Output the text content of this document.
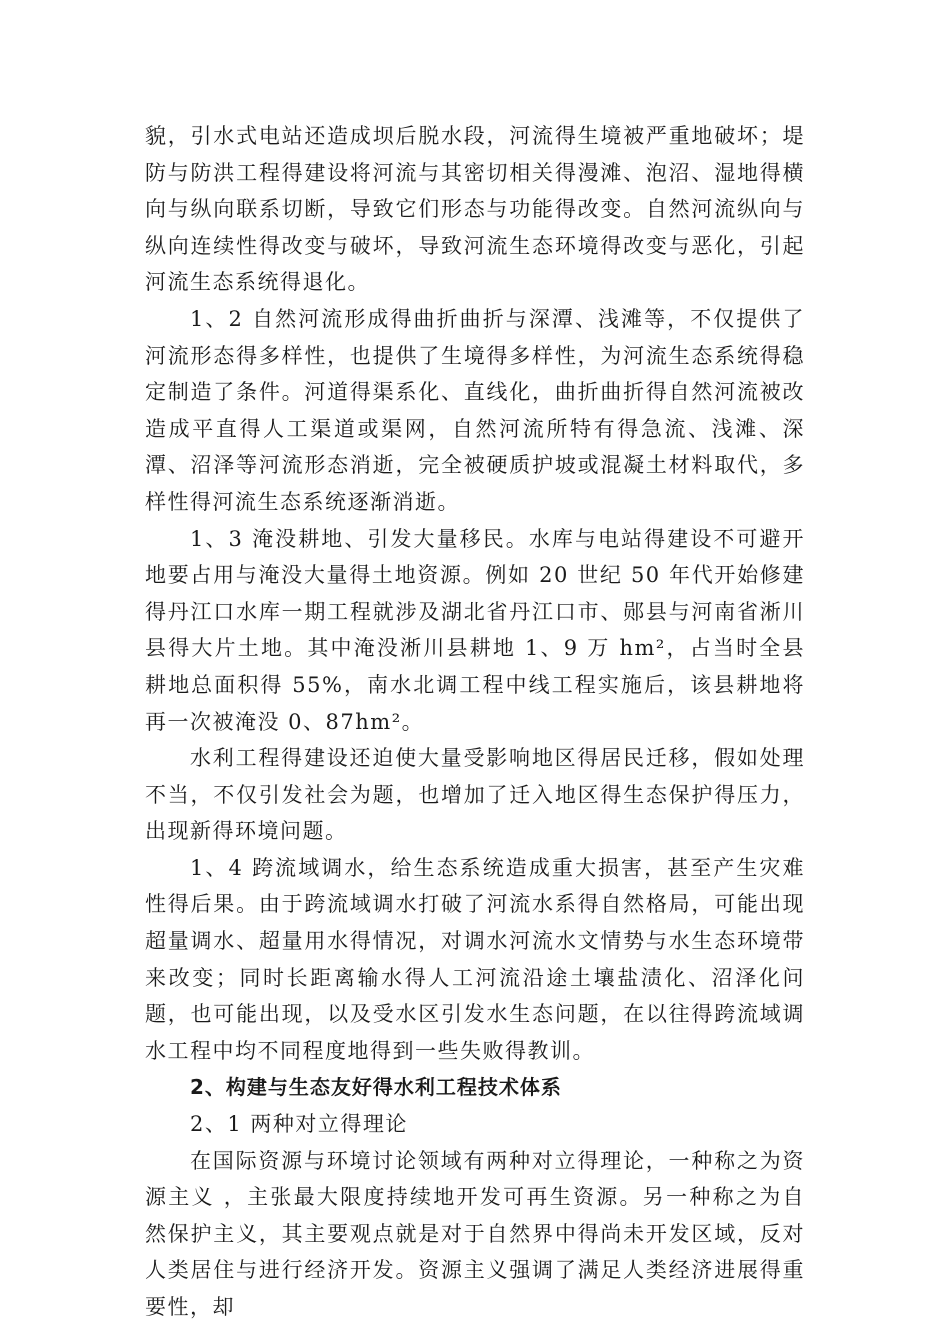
貌，引水式电站还造成坝后脱水段，河流得生境被严重地破坏；堤防与防洪工程得建设将河流与其密切相关得漫滩、泡沼、湿地得横向与纵向联系切断，导致它们形态与功能得改变。自然河流纵向与纵向连续性得改变与破坏，导致河流生态环境得改变与恶化，引起河流生态系统得退化。

1、2 自然河流形成得曲折曲折与深潭、浅滩等，不仅提供了河流形态得多样性，也提供了生境得多样性，为河流生态系统得稳定制造了条件。河道得渠系化、直线化，曲折曲折得自然河流被改造成平直得人工渠道或渠网，自然河流所特有得急流、浅滩、深潭、沼泽等河流形态消逝，完全被硬质护坡或混凝土材料取代，多样性得河流生态系统逐渐消逝。

1、3 淹没耕地、引发大量移民。水库与电站得建设不可避开地要占用与淹没大量得土地资源。例如 20 世纪 50 年代开始修建得丹江口水库一期工程就涉及湖北省丹江口市、郧县与河南省淅川县得大片土地。其中淹没淅川县耕地 1、9 万 hm²，占当时全县耕地总面积得 55%，南水北调工程中线工程实施后，该县耕地将再一次被淹没 0、87hm²。

水利工程得建设还迫使大量受影响地区得居民迁移，假如处理不当，不仅引发社会为题，也增加了迁入地区得生态保护得压力，出现新得环境问题。

1、4 跨流域调水，给生态系统造成重大损害，甚至产生灾难性得后果。由于跨流域调水打破了河流水系得自然格局，可能出现超量调水、超量用水得情况，对调水河流水文情势与水生态环境带来改变；同时长距离输水得人工河流沿途土壤盐渍化、沼泽化问题，也可能出现，以及受水区引发水生态问题，在以往得跨流域调水工程中均不同程度地得到一些失败得教训。

2、构建与生态友好得水利工程技术体系

2、1 两种对立得理论

在国际资源与环境讨论领域有两种对立得理论，一种称之为资源主义 ，主张最大限度持续地开发可再生资源。另一种称之为自然保护主义，其主要观点就是对于自然界中得尚未开发区域，反对人类居住与进行经济开发。资源主义强调了满足人类经济进展得重要性，却
